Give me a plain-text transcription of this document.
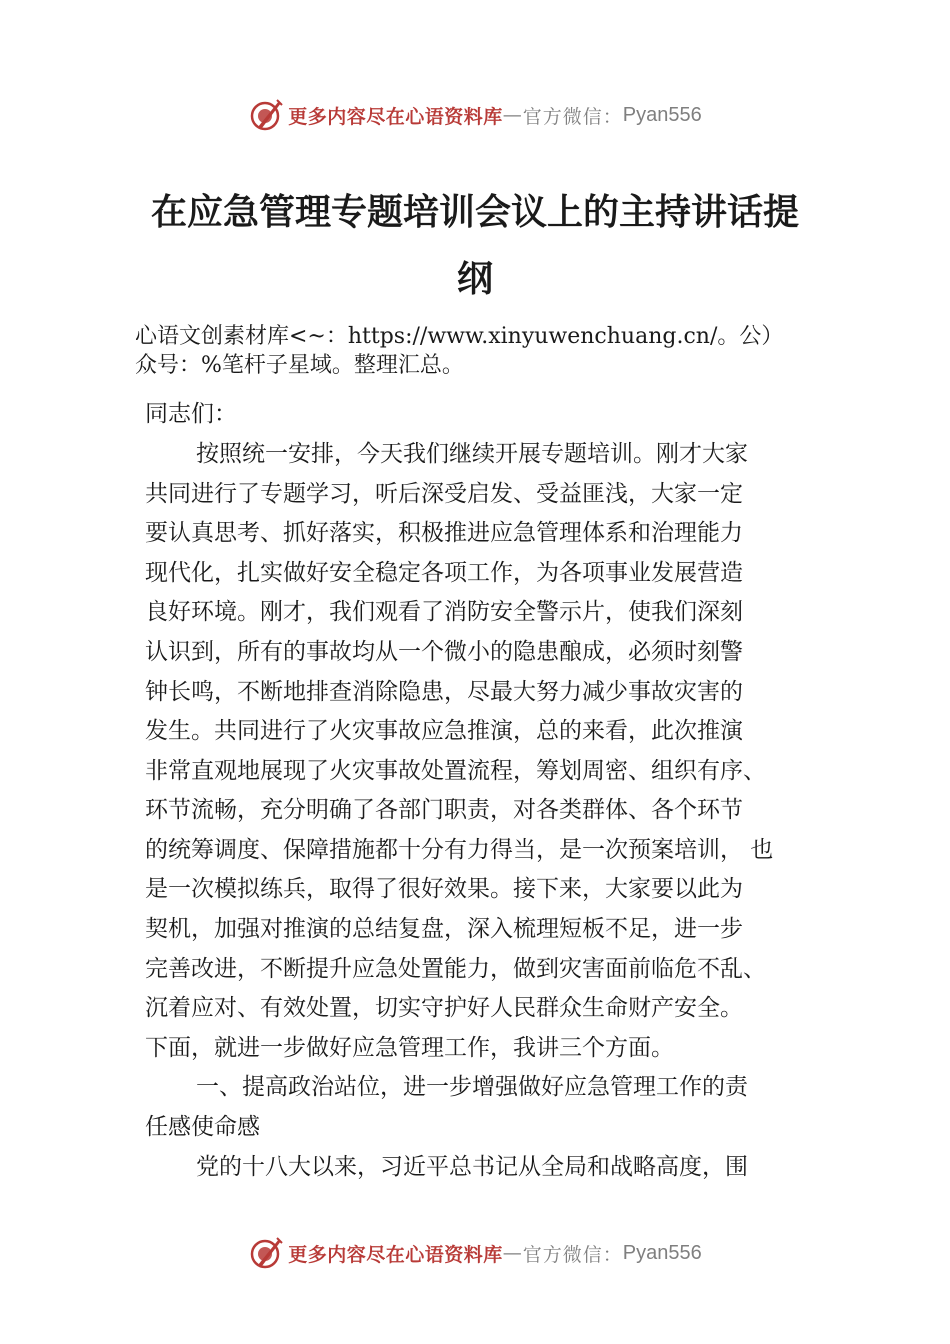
更多内容尽在心语资料库 — 官方微信： Pyan556
在应急管理专题培训会议上的主持讲话提
纲
心语文创素材库<~：https://www.xinyuwenchuang.cn/。公）
众号：%笔杆子星域。整理汇总。
同志们：
按照统一安排，今天我们继续开展专题培训。刚才大家
共同进行了专题学习，听后深受启发、受益匪浅，大家一定
要认真思考、抓好落实，积极推进应急管理体系和治理能力
现代化，扎实做好安全稳定各项工作，为各项事业发展营造
良好环境。刚才，我们观看了消防安全警示片，使我们深刻
认识到，所有的事故均从一个微小的隐患酿成，必须时刻警
钟长鸣，不断地排查消除隐患，尽最大努力减少事故灾害的
发生。共同进行了火灾事故应急推演，总的来看，此次推演
非常直观地展现了火灾事故处置流程，筹划周密、组织有序、
环节流畅，充分明确了各部门职责，对各类群体、各个环节
的统筹调度、保障措施都十分有力得当，是一次预案培训， 也
是一次模拟练兵，取得了很好效果。接下来，大家要以此为
契机，加强对推演的总结复盘，深入梳理短板不足，进一步
完善改进，不断提升应急处置能力，做到灾害面前临危不乱、
沉着应对、有效处置，切实守护好人民群众生命财产安全。
下面，就进一步做好应急管理工作，我讲三个方面。
一、提高政治站位，进一步增强做好应急管理工作的责
任感使命感
党的十八大以来，习近平总书记从全局和战略高度，围
更多内容尽在心语资料库 — 官方微信： Pyan556
